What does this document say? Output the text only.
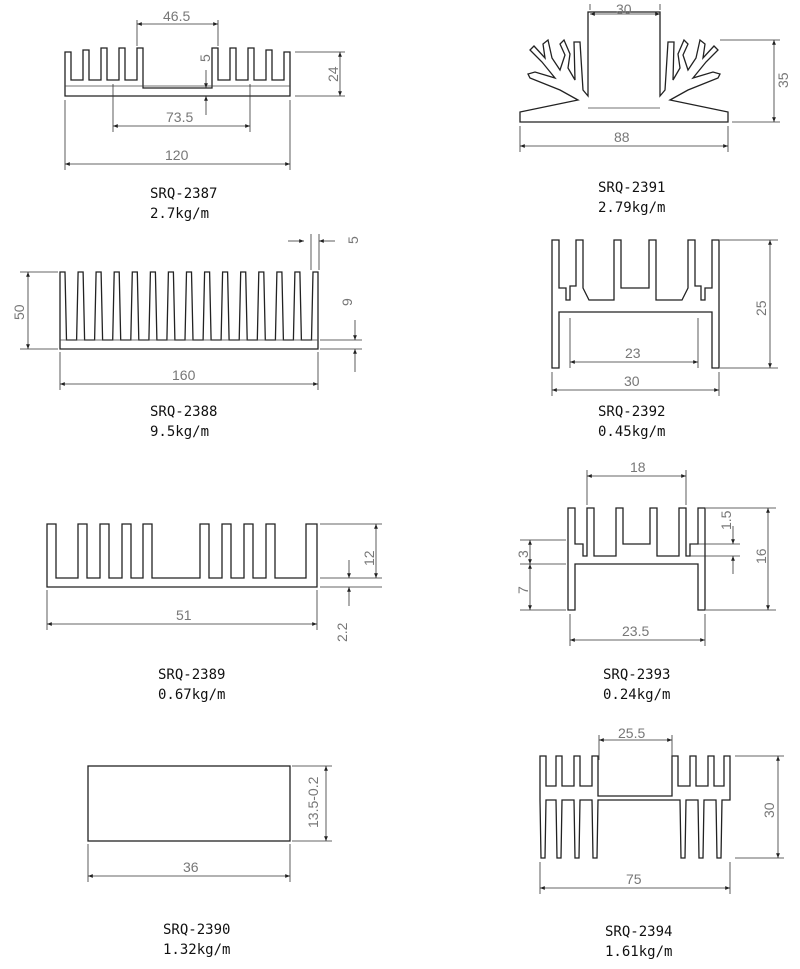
46.5
5
24
73.5
120
30
35
88
5
50
9
160
25
23
30
12
51
2.2
18
1.5
3	16
7
23.5
13.5-0.2
36
25.5
30
75
SRQ-2387
2.7kg/m
SRQ-2391
2.79kg/m
SRQ-2388
9.5kg/m
SRQ-2392
0.45kg/m
SRQ-2389
0.67kg/m
SRQ-2393
0.24kg/m
SRQ-2390
1.32kg/m
SRQ-2394
1.61kg/m
